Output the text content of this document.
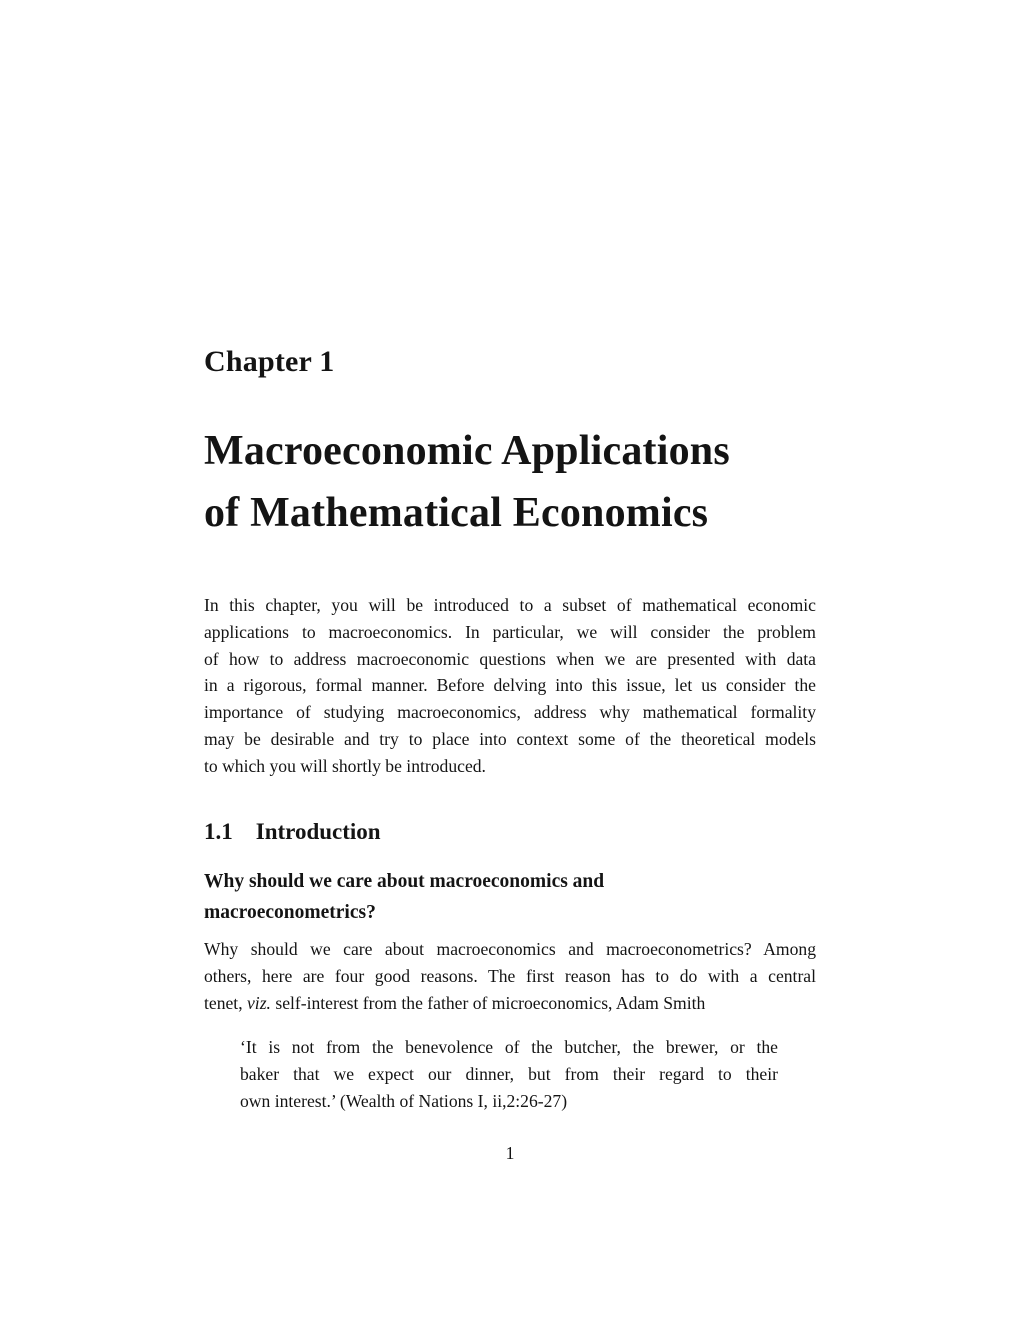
Chapter 1
Macroeconomic Applications
of Mathematical Economics
In this chapter, you will be introduced to a subset of mathematical economic
applications to macroeconomics. In particular, we will consider the problem
of how to address macroeconomic questions when we are presented with data
in a rigorous, formal manner. Before delving into this issue, let us consider the
importance of studying macroeconomics, address why mathematical formality
may be desirable and try to place into context some of the theoretical models
to which you will shortly be introduced.
1.1 Introduction
Why should we care about macroeconomics and
macroeconometrics?
Why should we care about macroeconomics and macroeconometrics? Among
others, here are four good reasons. The first reason has to do with a central
tenet, viz. self-interest from the father of microeconomics, Adam Smith
‘It is not from the benevolence of the butcher, the brewer, or the
baker that we expect our dinner, but from their regard to their
own interest.’ (Wealth of Nations I, ii,2:26-27)
1
